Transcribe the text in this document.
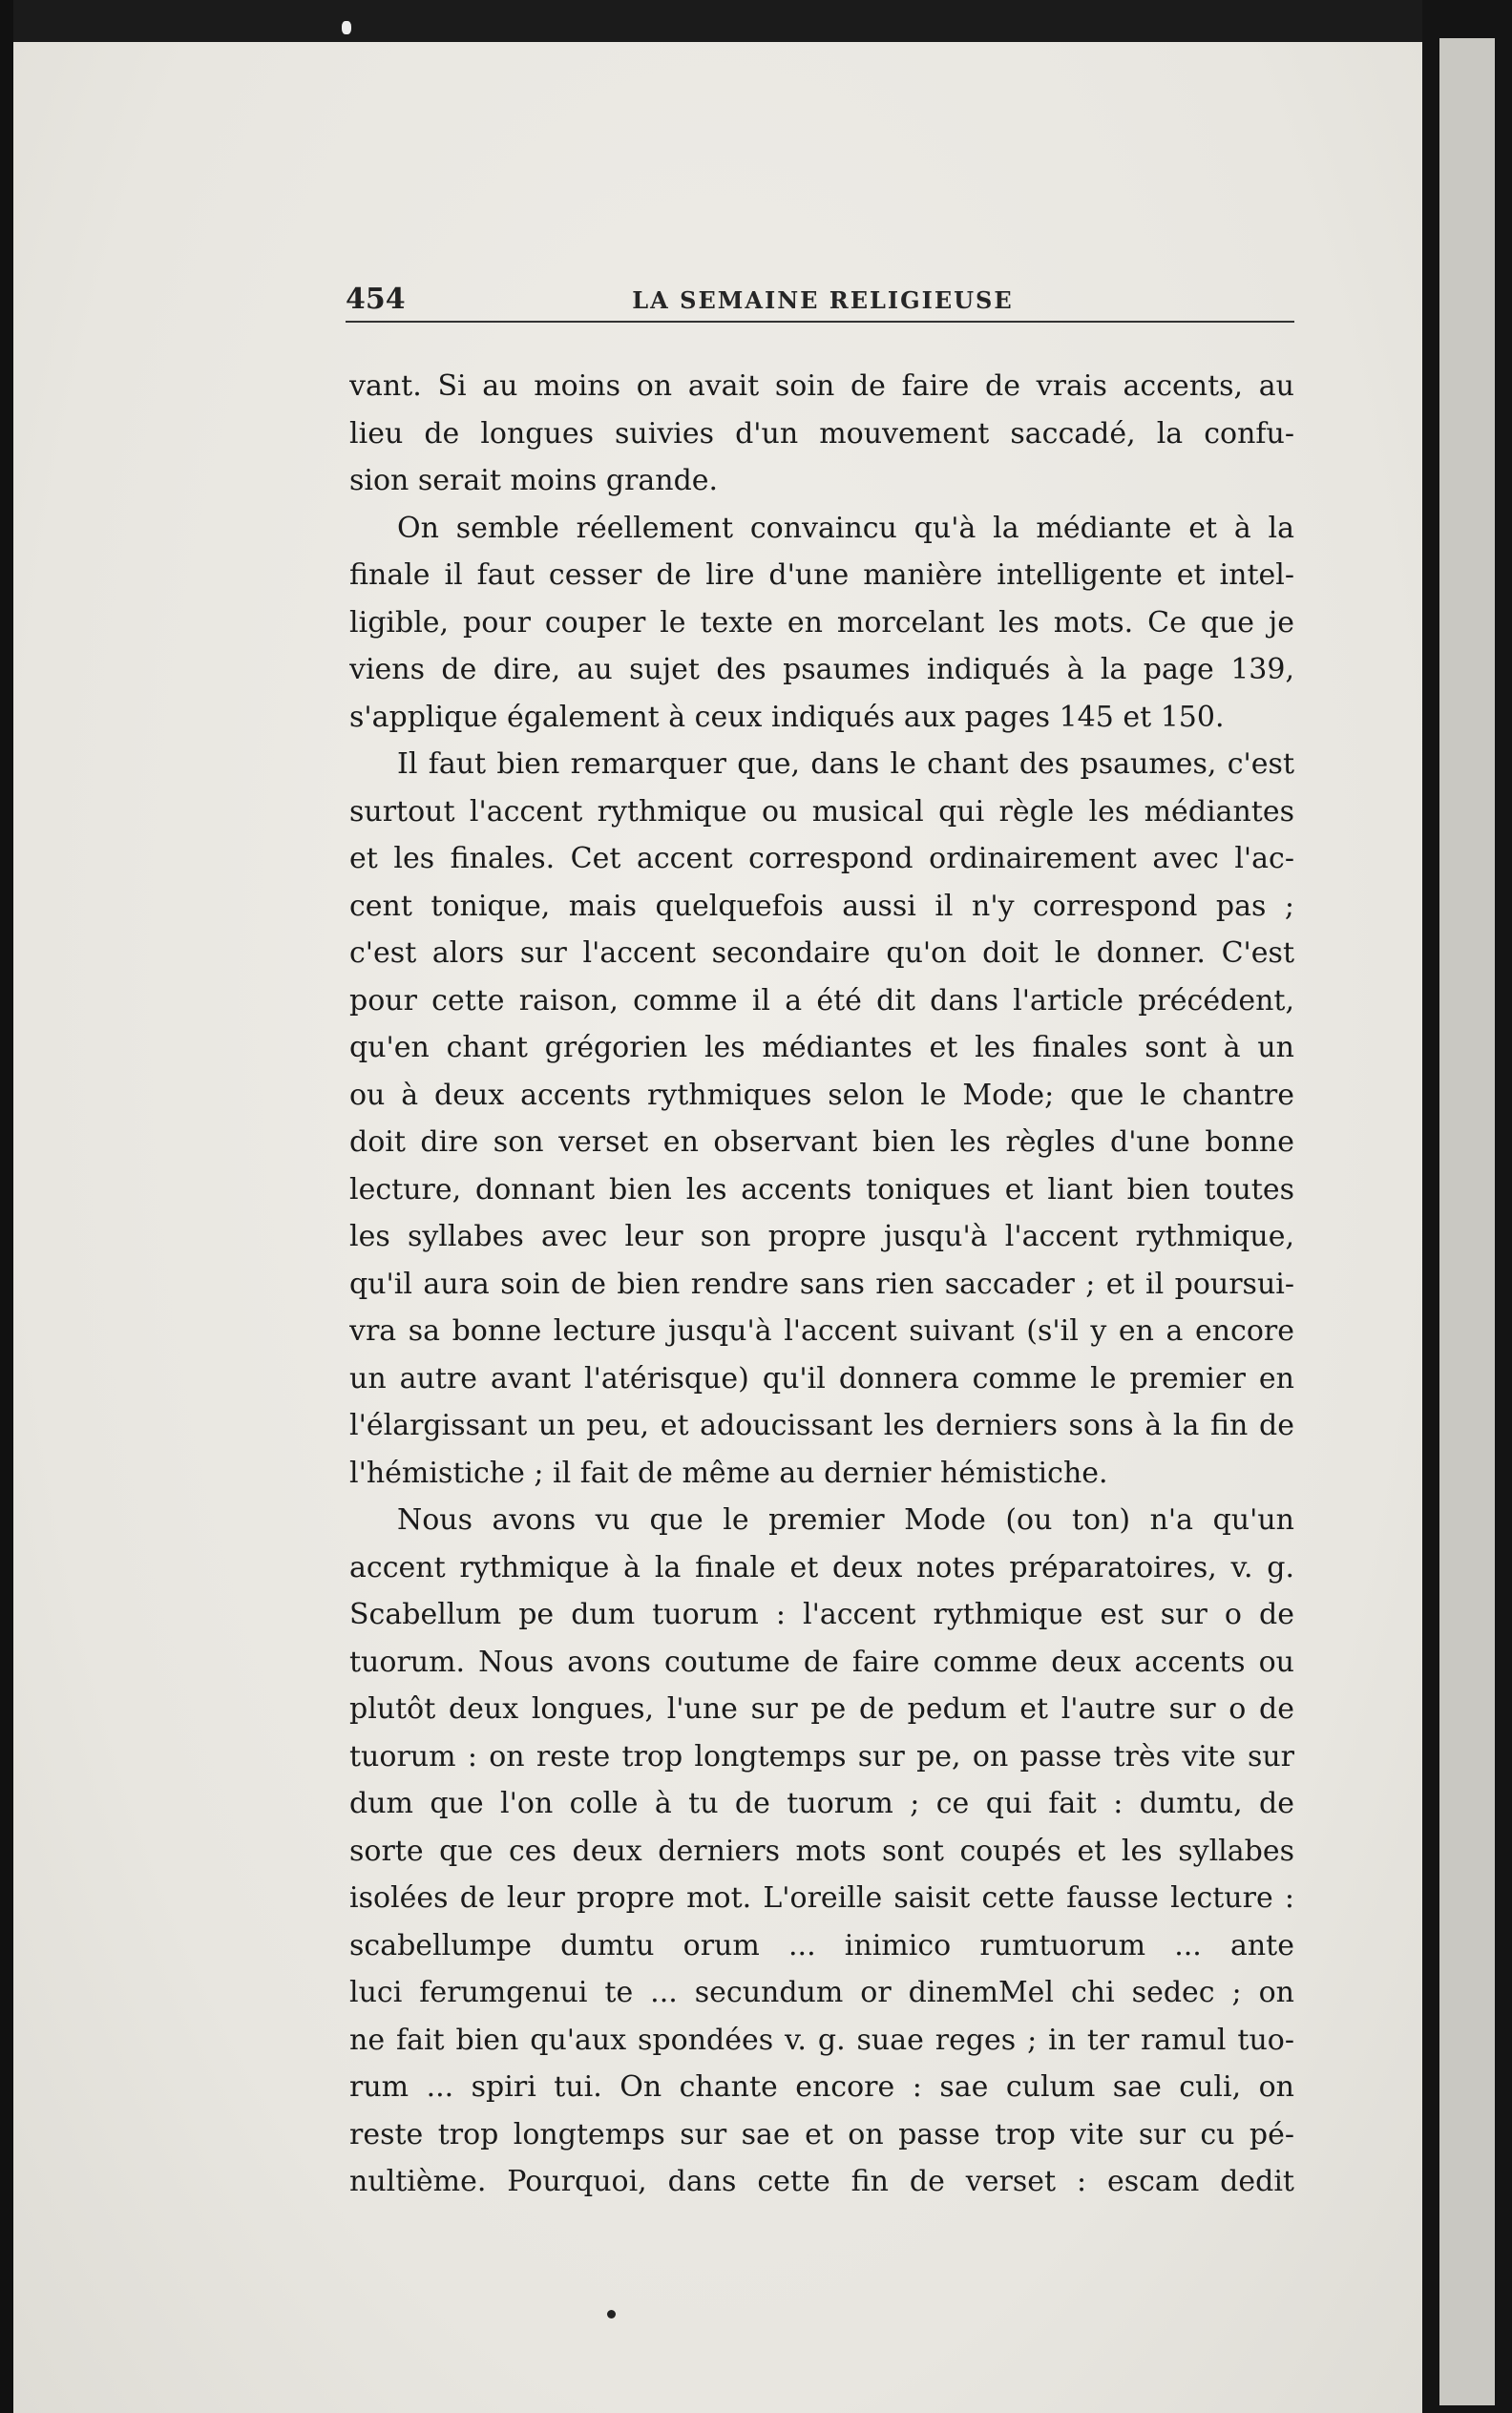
454	LA SEMAINE RELIGIEUSE
vant. Si au moins on avait soin de faire de vrais accents, au
lieu de longues suivies d'un mouvement saccadé, la confu-
sion serait moins grande.
On semble réellement convaincu qu'à la médiante et à la
finale il faut cesser de lire d'une manière intelligente et intel-
ligible, pour couper le texte en morcelant les mots. Ce que je
viens de dire, au sujet des psaumes indiqués à la page 139,
s'applique également à ceux indiqués aux pages 145 et 150.
Il faut bien remarquer que, dans le chant des psaumes, c'est
surtout l'accent rythmique ou musical qui règle les médiantes
et les finales. Cet accent correspond ordinairement avec l'ac-
cent tonique, mais quelquefois aussi il n'y correspond pas ;
c'est alors sur l'accent secondaire qu'on doit le donner. C'est
pour cette raison, comme il a été dit dans l'article précédent,
qu'en chant grégorien les médiantes et les finales sont à un
ou à deux accents rythmiques selon le Mode; que le chantre
doit dire son verset en observant bien les règles d'une bonne
lecture, donnant bien les accents toniques et liant bien toutes
les syllabes avec leur son propre jusqu'à l'accent rythmique,
qu'il aura soin de bien rendre sans rien saccader ; et il poursui-
vra sa bonne lecture jusqu'à l'accent suivant (s'il y en a encore
un autre avant l'atérisque) qu'il donnera comme le premier en
l'élargissant un peu, et adoucissant les derniers sons à la fin de
l'hémistiche ; il fait de même au dernier hémistiche.
Nous avons vu que le premier Mode (ou ton) n'a qu'un
accent rythmique à la finale et deux notes préparatoires, v. g.
Scabellum pe dum tuorum : l'accent rythmique est sur o de
tuorum. Nous avons coutume de faire comme deux accents ou
plutôt deux longues, l'une sur pe de pedum et l'autre sur o de
tuorum : on reste trop longtemps sur pe, on passe très vite sur
dum que l'on colle à tu de tuorum ; ce qui fait : dumtu, de
sorte que ces deux derniers mots sont coupés et les syllabes
isolées de leur propre mot. L'oreille saisit cette fausse lecture :
scabellumpe dumtu orum ... inimico rumtuorum ... ante
luci ferumgenui te ... secundum or dinemMel chi sedec ; on
ne fait bien qu'aux spondées v. g. suae reges ; in ter ramul tuo-
rum ... spiri tui. On chante encore : sae culum sae culi, on
reste trop longtemps sur sae et on passe trop vite sur cu pé-
nultième. Pourquoi, dans cette fin de verset : escam dedit
